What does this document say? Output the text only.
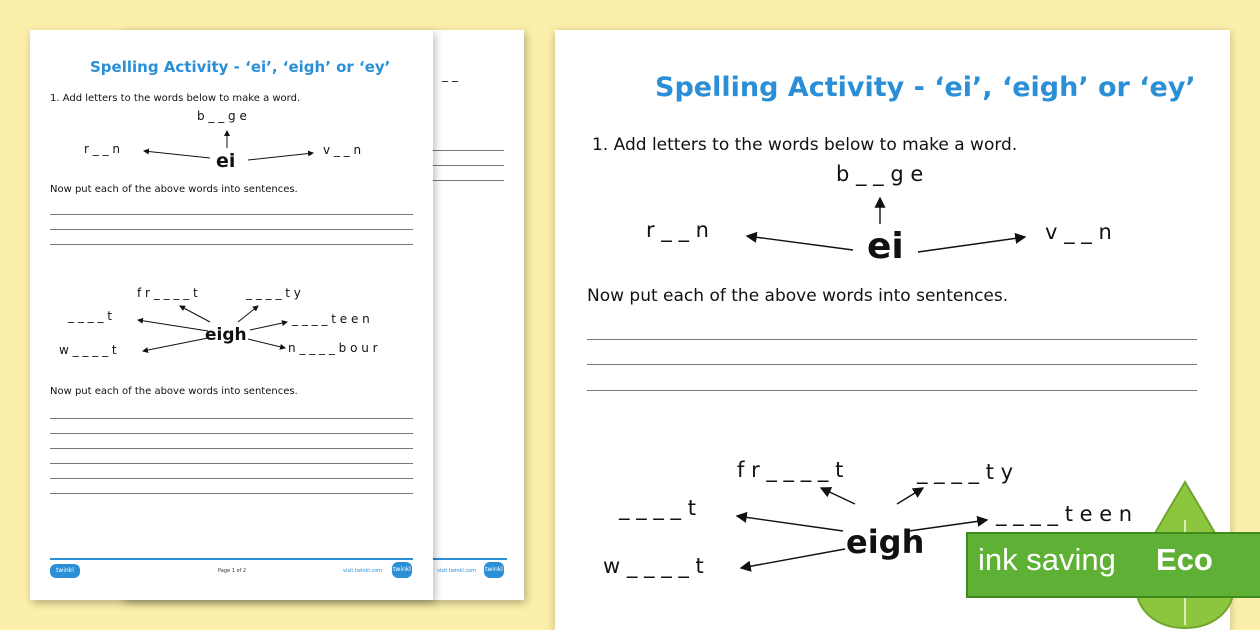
_ _
visit twinkl.com twinkl
Spelling Activity - ‘ei’, ‘eigh’ or ‘ey’
1. Add letters to the words below to make a word.
b _ _ g e
r _ _ n	v _ _ n
ei
Now put each of the above words into sentences.
f r _ _ _ _ t	_ _ _ _ t y
_ _ _ _ t	_ _ _ _ t e e n
w _ _ _ _ t	n _ _ _ _ b o u r
eigh
Now put each of the above words into sentences.
twinkl	Page 1 of 2	visit twinkl.com twinkl
Spelling Activity - ‘ei’, ‘eigh’ or ‘ey’
1. Add letters to the words below to make a word.
b _ _ g e
r _ _ n	v _ _ n
ei
Now put each of the above words into sentences.
f r _ _ _ _ t	_ _ _ _ t y
_ _ _ _ t	_ _ _ _ t e e n
w _ _ _ _ t
eigh ink saving Eco
